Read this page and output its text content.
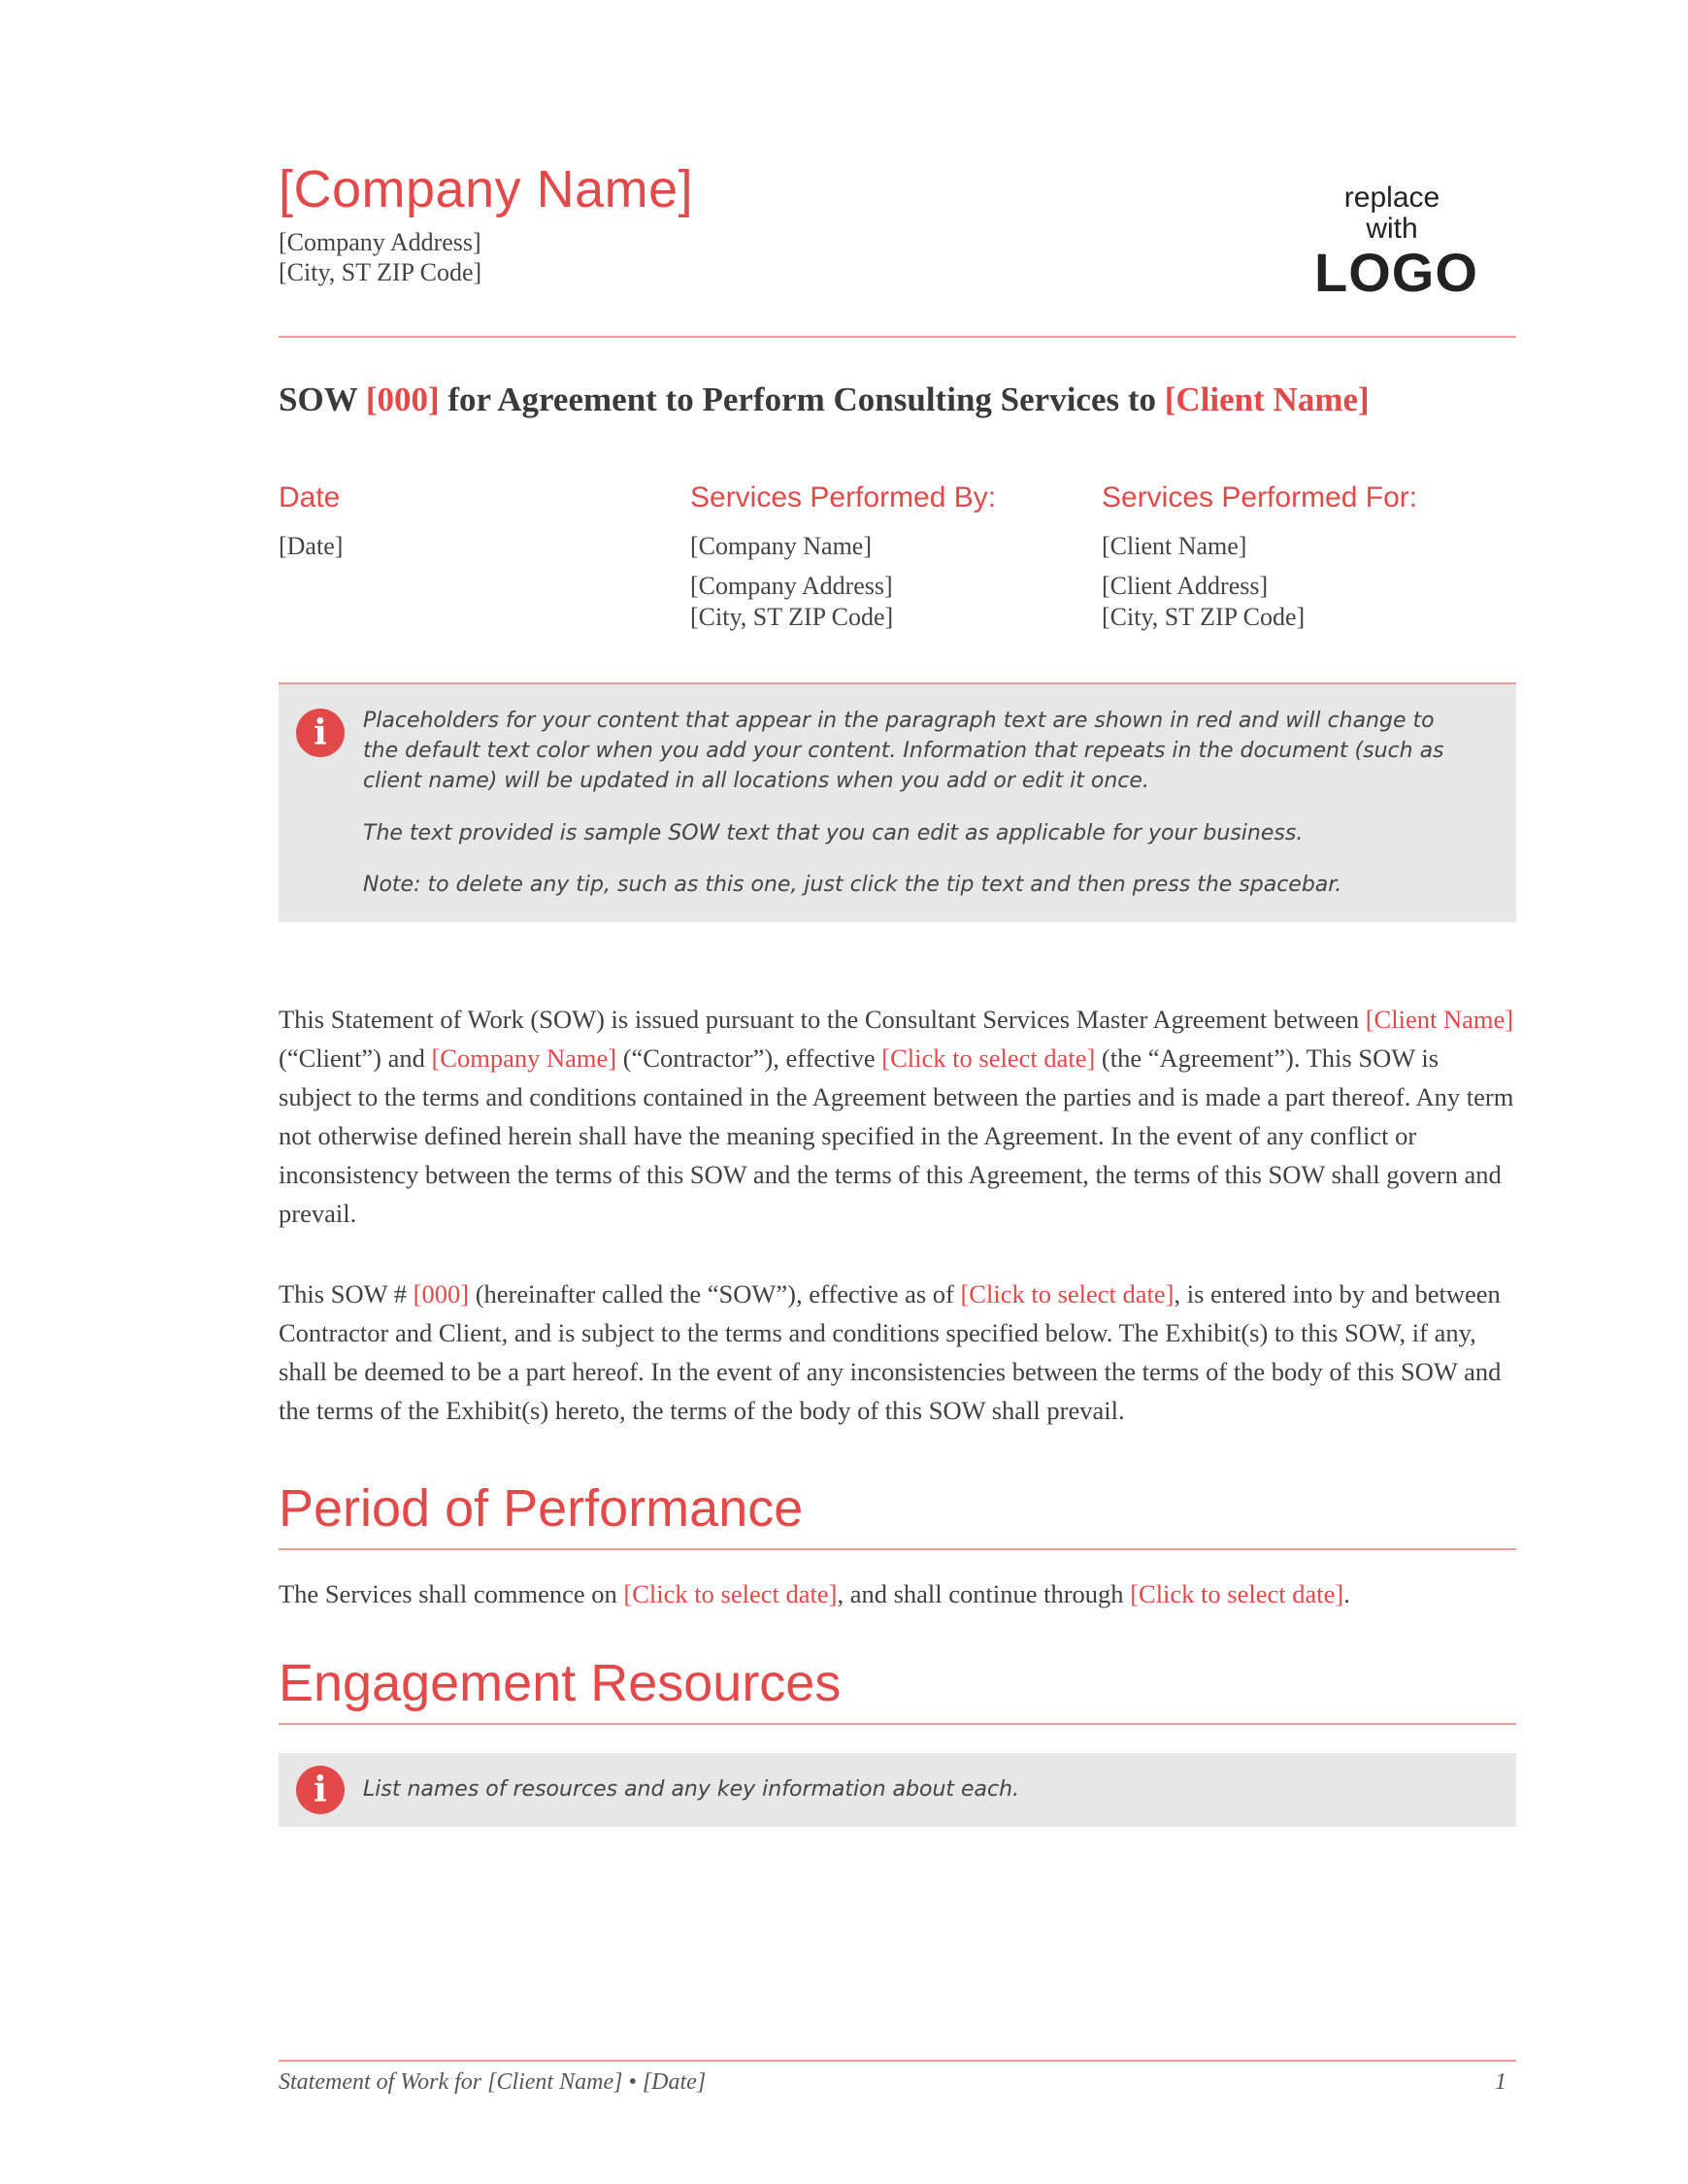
[Company Name]
[Company Address]
[City, ST ZIP Code]
replace with
LOGO
SOW [000] for Agreement to Perform Consulting Services to [Client Name]
Date
[Date]
Services Performed By:
[Company Name]
[Company Address]
[City, ST ZIP Code]
Services Performed For:
[Client Name]
[Client Address]
[City, ST ZIP Code]
i	Placeholders for your content that appear in the paragraph text are shown in red and will change to the default text color when you add your content. Information that repeats in the document (such as client name) will be updated in all locations when you add or edit it once.

The text provided is sample SOW text that you can edit as applicable for your business.

Note: to delete any tip, such as this one, just click the tip text and then press the spacebar.

This Statement of Work (SOW) is issued pursuant to the Consultant Services Master Agreement between [Client Name] (“Client”) and [Company Name] (“Contractor”), effective [Click to select date] (the “Agreement”). This SOW is subject to the terms and conditions contained in the Agreement between the parties and is made a part thereof. Any term not otherwise defined herein shall have the meaning specified in the Agreement. In the event of any conflict or inconsistency between the terms of this SOW and the terms of this Agreement, the terms of this SOW shall govern and prevail.

This SOW # [000] (hereinafter called the “SOW”), effective as of [Click to select date], is entered into by and between Contractor and Client, and is subject to the terms and conditions specified below. The Exhibit(s) to this SOW, if any, shall be deemed to be a part hereof. In the event of any inconsistencies between the terms of the body of this SOW and the terms of the Exhibit(s) hereto, the terms of the body of this SOW shall prevail.

Period of Performance

The Services shall commence on [Click to select date], and shall continue through [Click to select date].

Engagement Resources
i	List names of resources and any key information about each.

Statement of Work for [Client Name] • [Date]	1
